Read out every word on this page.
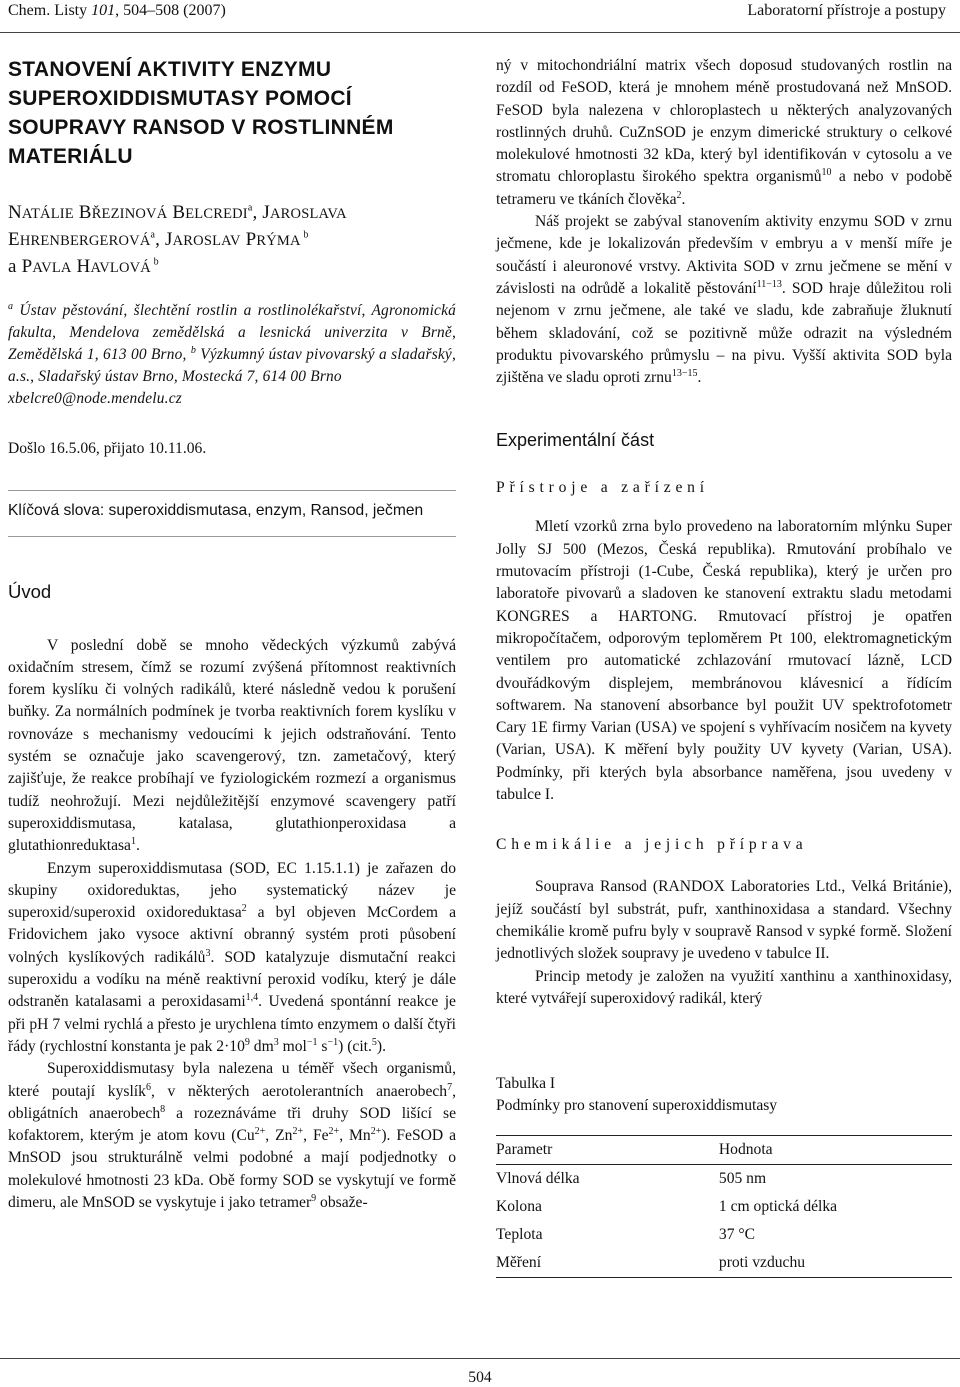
Chem. Listy 101, 504–508 (2007)	Laboratorní přístroje a postupy
STANOVENÍ AKTIVITY ENZYMU
SUPEROXIDDISMUTASY POMOCÍ
SOUPRAVY RANSOD V ROSTLINNÉM
MATERIÁLU
NATÁLIE BŘEZINOVÁ BELCREDI$^a$, JAROSLAVA
EHRENBERGEROVÁ$^a$, JAROSLAV PRÝMA $^b$
a PAVLA HAVLOVÁ $^b$
$^a$ Ústav pěstování, šlechtění rostlin a rostlinolékařství, Agronomická fakulta, Mendelova zemědělská a lesnická univerzita v Brně, Zemědělská 1, 613 00 Brno, $^b$ Výzkumný ústav pivovarský a sladařský, a.s., Sladařský ústav Brno, Mostecká 7, 614 00 Brno
xbelcre0@node.mendelu.cz
Došlo 16.5.06, přijato 10.11.06.
Klíčová slova: superoxiddismutasa, enzym, Ransod, ječmen
Úvod

V poslední době se mnoho vědeckých výzkumů zabývá oxidačním stresem, čímž se rozumí zvýšená přítomnost reaktivních forem kyslíku či volných radikálů, které následně vedou k porušení buňky. Za normálních podmínek je tvorba reaktivních forem kyslíku v rovnováze s mechanismy vedoucími k jejich odstraňování. Tento systém se označuje jako scavengerový, tzn. zametačový, který zajišťuje, že reakce probíhají ve fyziologickém rozmezí a organismus tudíž neohrožují. Mezi nejdůležitější enzymové scavengery patří superoxiddismutasa, katalasa, glutathionperoxidasa a glutathionreduktasa$^1$.

Enzym superoxiddismutasa (SOD, EC 1.15.1.1) je zařazen do skupiny oxidoreduktas, jeho systematický název je superoxid/superoxid oxidoreduktasa$^2$ a byl objeven McCordem a Fridovichem jako vysoce aktivní obranný systém proti působení volných kyslíkových radikálů$^3$. SOD katalyzuje dismutační reakci superoxidu a vodíku na méně reaktivní peroxid vodíku, který je dále odstraněn katalasami a peroxidasami$^{1,4}$. Uvedená spontánní reakce je při pH 7 velmi rychlá a přesto je urychlena tímto enzymem o další čtyři řády (rychlostní konstanta je pak $2\cdot 10^9$ $dm^3$ mol$^{-1}$ $s^{-1}$) (cit.$^5$).

Superoxiddismutasy byla nalezena u téměř všech organismů, které poutají kyslík$^6$, v některých aerotolerantních anaerobech$^7$, obligátních anaerobech$^8$ a rozeznáváme tři druhy SOD lišící se kofaktorem, kterým je atom kovu ($Cu^{2+}$, $Zn^{2+}$, $Fe^{2+}$, $Mn^{2+}$). FeSOD a MnSOD jsou strukturálně velmi podobné a mají podjednotky o molekulové hmotnosti 23 kDa. Obě formy SOD se vyskytují ve formě dimeru, ale MnSOD se vyskytuje i jako tetramer$^9$ obsaže-

ný v mitochondriální matrix všech doposud studovaných rostlin na rozdíl od FeSOD, která je mnohem méně prostudovaná než MnSOD. FeSOD byla nalezena v chloroplastech u některých analyzovaných rostlinných druhů. CuZnSOD je enzym dimerické struktury o celkové molekulové hmotnosti 32 kDa, který byl identifikován v cytosolu a ve stromatu chloroplastu širokého spektra organismů$^{10}$ a nebo v podobě tetrameru ve tkáních člověka$^2$.

Náš projekt se zabýval stanovením aktivity enzymu SOD v zrnu ječmene, kde je lokalizován především v embryu a v menší míře je součástí i aleuronové vrstvy. Aktivita SOD v zrnu ječmene se mění v závislosti na odrůdě a lokalitě pěstování$^{11-13}$. SOD hraje důležitou roli nejenom v zrnu ječmene, ale také ve sladu, kde zabraňuje žluknutí během skladování, což se pozitivně může odrazit na výsledném produktu pivovarského průmyslu – na pivu. Vyšší aktivita SOD byla zjištěna ve sladu oproti zrnu$^{13-15}$.

Experimentální část
Přístroje a zařízení

Mletí vzorků zrna bylo provedeno na laboratorním mlýnku Super Jolly SJ 500 (Mezos, Česká republika). Rmutování probíhalo ve rmutovacím přístroji (1-Cube, Česká republika), který je určen pro laboratoře pivovarů a sladoven ke stanovení extraktu sladu metodami KONGRES a HARTONG. Rmutovací přístroj je opatřen mikropočítačem, odporovým teploměrem Pt 100, elektromagnetickým ventilem pro automatické zchlazování rmutovací lázně, LCD dvouřádkovým displejem, membránovou klávesnicí a řídícím softwarem. Na stanovení absorbance byl použit UV spektrofotometr Cary 1E firmy Varian (USA) ve spojení s vyhřívacím nosičem na kyvety (Varian, USA). K měření byly použity UV kyvety (Varian, USA). Podmínky, při kterých byla absorbance naměřena, jsou uvedeny v tabulce I.

Chemikálie a jejich příprava

Souprava Ransod (RANDOX Laboratories Ltd., Velká Británie), jejíž součástí byl substrát, pufr, xanthinoxidasa a standard. Všechny chemikálie kromě pufru byly v soupravě Ransod v sypké formě. Složení jednotlivých složek soupravy je uvedeno v tabulce II.

Princip metody je založen na využití xanthinu a xanthinoxidasy, které vytvářejí superoxidový radikál, který

Tabulka I
Podmínky pro stanovení superoxiddismutasy
Parametr	Hodnota
Vlnová délka	505 nm
Kolona	1 cm optická délka
Teplota	37 °C
Měření	proti vzduchu
504
